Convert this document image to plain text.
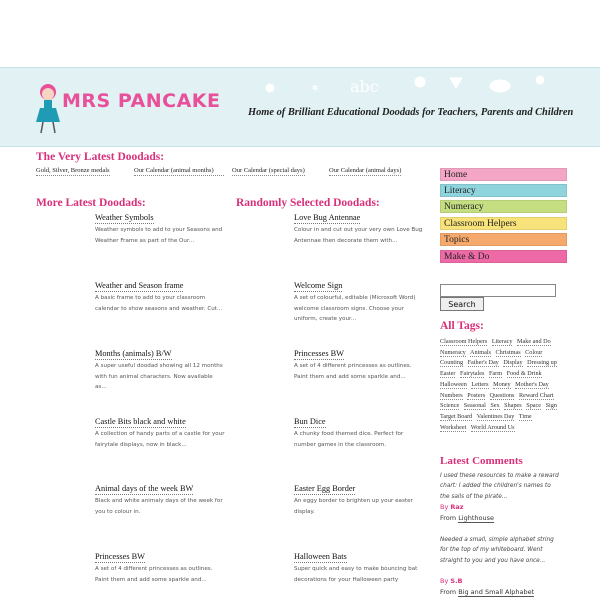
MRS PANCAKE
✶ abc
Home of Brilliant Educational Doodads for Teachers, Parents and Children
The Very Latest Doodads:
Gold, Silver, Bronze medals	Our Calendar (animal months)	Our Calendar (special days)	Our Calendar (animal days)
More Latest Doodads:
Weather Symbols
Weather symbols to add to your Seasons and Weather Frame as part of the Our...
Weather and Season frame
A basic frame to add to your classroom calendar to show seasons and weather. Cut...
Months (animals) B/W
A super useful doodad showing all 12 months with fun animal characters. Now available as...
Castle Bits black and white
A collection of handy parts of a castle for your fairytale displays, now in black...
Animal days of the week BW
Black and white animaly days of the week for you to colour in.
Princesses BW
A set of 4 different princesses as outlines. Paint them and add some sparkle and...
Randomly Selected Doodads:
Love Bug Antennae
Colour in and cut out your very own Love Bug Antennae then decorate them with...
Welcome Sign
A set of colourful, editable (Microsoft Word) welcome classroom signs. Choose your uniform, create your...
Princesses BW
A set of 4 different princesses as outlines. Paint them and add some sparkle and...
Bun Dice
A chunky food themed dice. Perfect for number games in the classroom.
Easter Egg Border
An eggy border to brighten up your easter display.
Halloween Bats
Super quick and easy to make bouncing bat decorations for your Halloween party
Home
Literacy
Numeracy
Classroom Helpers
Topics
Make & Do
Search
All Tags:
Classroom Helpers Literacy Make and Do Numeracy Animals Christmas Colour Counting Father's Day Display Dressing up Easter Fairytales Farm Food & Drink Halloween Letters Money Mother's Day Numbers Posters Questions Reward Chart Science Seasonal Sex Shapes Space Sign Target Board Valentines Day Time Worksheet World Around Us
Latest Comments
I used these resources to make a reward chart: I added the children's names to the sails of the pirate...
By Raz
From Lighthouse
Needed a small, simple alphabet string for the top of my whiteboard. Went straight to you and you have once...
By S.B
From Big and Small Alphabet
